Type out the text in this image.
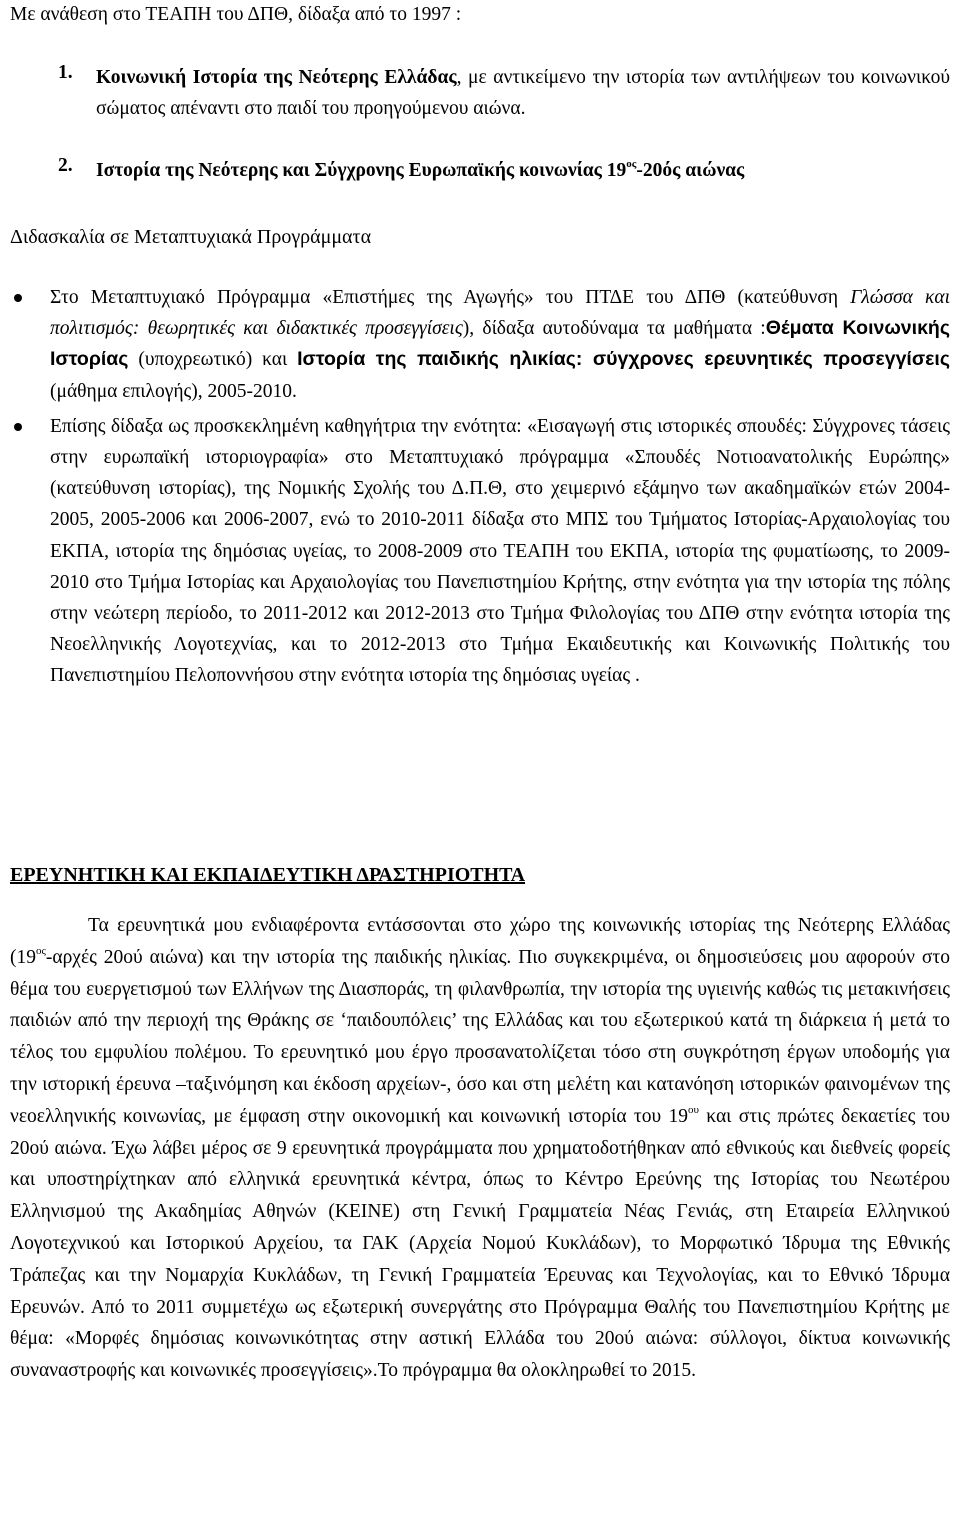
Με ανάθεση στο ΤΕΑΠΗ του ΔΠΘ, δίδαξα από το 1997 :

1. Κοινωνική Ιστορία της Νεότερης Ελλάδας, με αντικείμενο την ιστορία των αντιλήψεων του κοινωνικού σώματος απέναντι στο παιδί του προηγούμενου αιώνα.

2. Ιστορία της Νεότερης και Σύγχρονης Ευρωπαϊκής κοινωνίας $19^{o\varsigma}-20ό\varsigma$ αιώνας

Διδασκαλία σε Μεταπτυχιακά Προγράμματα

Στο Μεταπτυχιακό Πρόγραμμα «Επιστήμες της Αγωγής» του ΠΤΔΕ του ΔΠΘ (κατεύθυνση Γλώσσα και πολιτισμός: θεωρητικές και διδακτικές προσεγγίσεις), δίδαξα αυτοδύναμα τα μαθήματα :Θέματα Κοινωνικής Ιστορίας (υποχρεωτικό) και Ιστορία της παιδικής ηλικίας: σύγχρονες ερευνητικές προσεγγίσεις (μάθημα επιλογής), 2005-2010.

Επίσης δίδαξα ως προσκεκλημένη καθηγήτρια την ενότητα: «Εισαγωγή στις ιστορικές σπουδές: Σύγχρονες τάσεις στην ευρωπαϊκή ιστοριογραφία» στο Μεταπτυχιακό πρόγραμμα «Σπουδές Νοτιοανατολικής Ευρώπης» (κατεύθυνση ιστορίας), της Νομικής Σχολής του Δ.Π.Θ, στο χειμερινό εξάμηνο των ακαδημαϊκών ετών 2004-2005, 2005-2006 και 2006-2007, ενώ το 2010-2011 δίδαξα στο ΜΠΣ του Τμήματος Ιστορίας-Αρχαιολογίας του ΕΚΠΑ, ιστορία της δημόσιας υγείας, το 2008-2009 στο ΤΕΑΠΗ του ΕΚΠΑ, ιστορία της φυματίωσης, το 2009-2010 στο Τμήμα Ιστορίας και Αρχαιολογίας του Πανεπιστημίου Κρήτης, στην ενότητα για την ιστορία της πόλης στην νεώτερη περίοδο, το 2011-2012 και 2012-2013 στο Τμήμα Φιλολογίας του ΔΠΘ στην ενότητα ιστορία της Νεοελληνικής Λογοτεχνίας, και το 2012-2013 στο Τμήμα Εκαιδευτικής και Κοινωνικής Πολιτικής του Πανεπιστημίου Πελοποννήσου στην ενότητα ιστορία της δημόσιας υγείας .

ΕΡΕΥΝΗΤΙΚΗ ΚΑΙ ΕΚΠΑΙΔΕΥΤΙΚΗ ΔΡΑΣΤΗΡΙΟΤΗΤΑ

Τα ερευνητικά μου ενδιαφέροντα εντάσσονται στο χώρο της κοινωνικής ιστορίας της Νεότερης Ελλάδας ($19^{o\varsigma}$-αρχές 20ού αιώνα) και την ιστορία της παιδικής ηλικίας. Πιο συγκεκριμένα, οι δημοσιεύσεις μου αφορούν στο θέμα του ευεργετισμού των Ελλήνων της Διασποράς, τη φιλανθρωπία, την ιστορία της υγιεινής καθώς τις μετακινήσεις παιδιών από την περιοχή της Θράκης σε ‘παιδουπόλεις’ της Ελλάδας και του εξωτερικού κατά τη διάρκεια ή μετά το τέλος του εμφυλίου πολέμου. Το ερευνητικό μου έργο προσανατολίζεται τόσο στη συγκρότηση έργων υποδομής για την ιστορική έρευνα –ταξινόμηση και έκδοση αρχείων-, όσο και στη μελέτη και κατανόηση ιστορικών φαινομένων της νεοελληνικής κοινωνίας, με έμφαση στην οικονομική και κοινωνική ιστορία του $19^{o\upsilon}$ και στις πρώτες δεκαετίες του 20ού αιώνα. Έχω λάβει μέρος σε 9 ερευνητικά προγράμματα που χρηματοδοτήθηκαν από εθνικούς και διεθνείς φορείς και υποστηρίχτηκαν από ελληνικά ερευνητικά κέντρα, όπως το Κέντρο Ερεύνης της Ιστορίας του Νεωτέρου Ελληνισμού της Ακαδημίας Αθηνών (ΚΕΙΝΕ) στη Γενική Γραμματεία Νέας Γενιάς, στη Εταιρεία Ελληνικού Λογοτεχνικού και Ιστορικού Αρχείου, τα ΓΑΚ (Αρχεία Νομού Κυκλάδων), το Μορφωτικό Ίδρυμα της Εθνικής Τράπεζας και την Νομαρχία Κυκλάδων, τη Γενική Γραμματεία Έρευνας και Τεχνολογίας, και το Εθνικό Ίδρυμα Ερευνών. Από το 2011 συμμετέχω ως εξωτερική συνεργάτης στο Πρόγραμμα Θαλής του Πανεπιστημίου Κρήτης με θέμα: «Μορφές δημόσιας κοινωνικότητας στην αστική Ελλάδα του 20ού αιώνα: σύλλογοι, δίκτυα κοινωνικής συναναστροφής και κοινωνικές προσεγγίσεις».Το πρόγραμμα θα ολοκληρωθεί το 2015.
